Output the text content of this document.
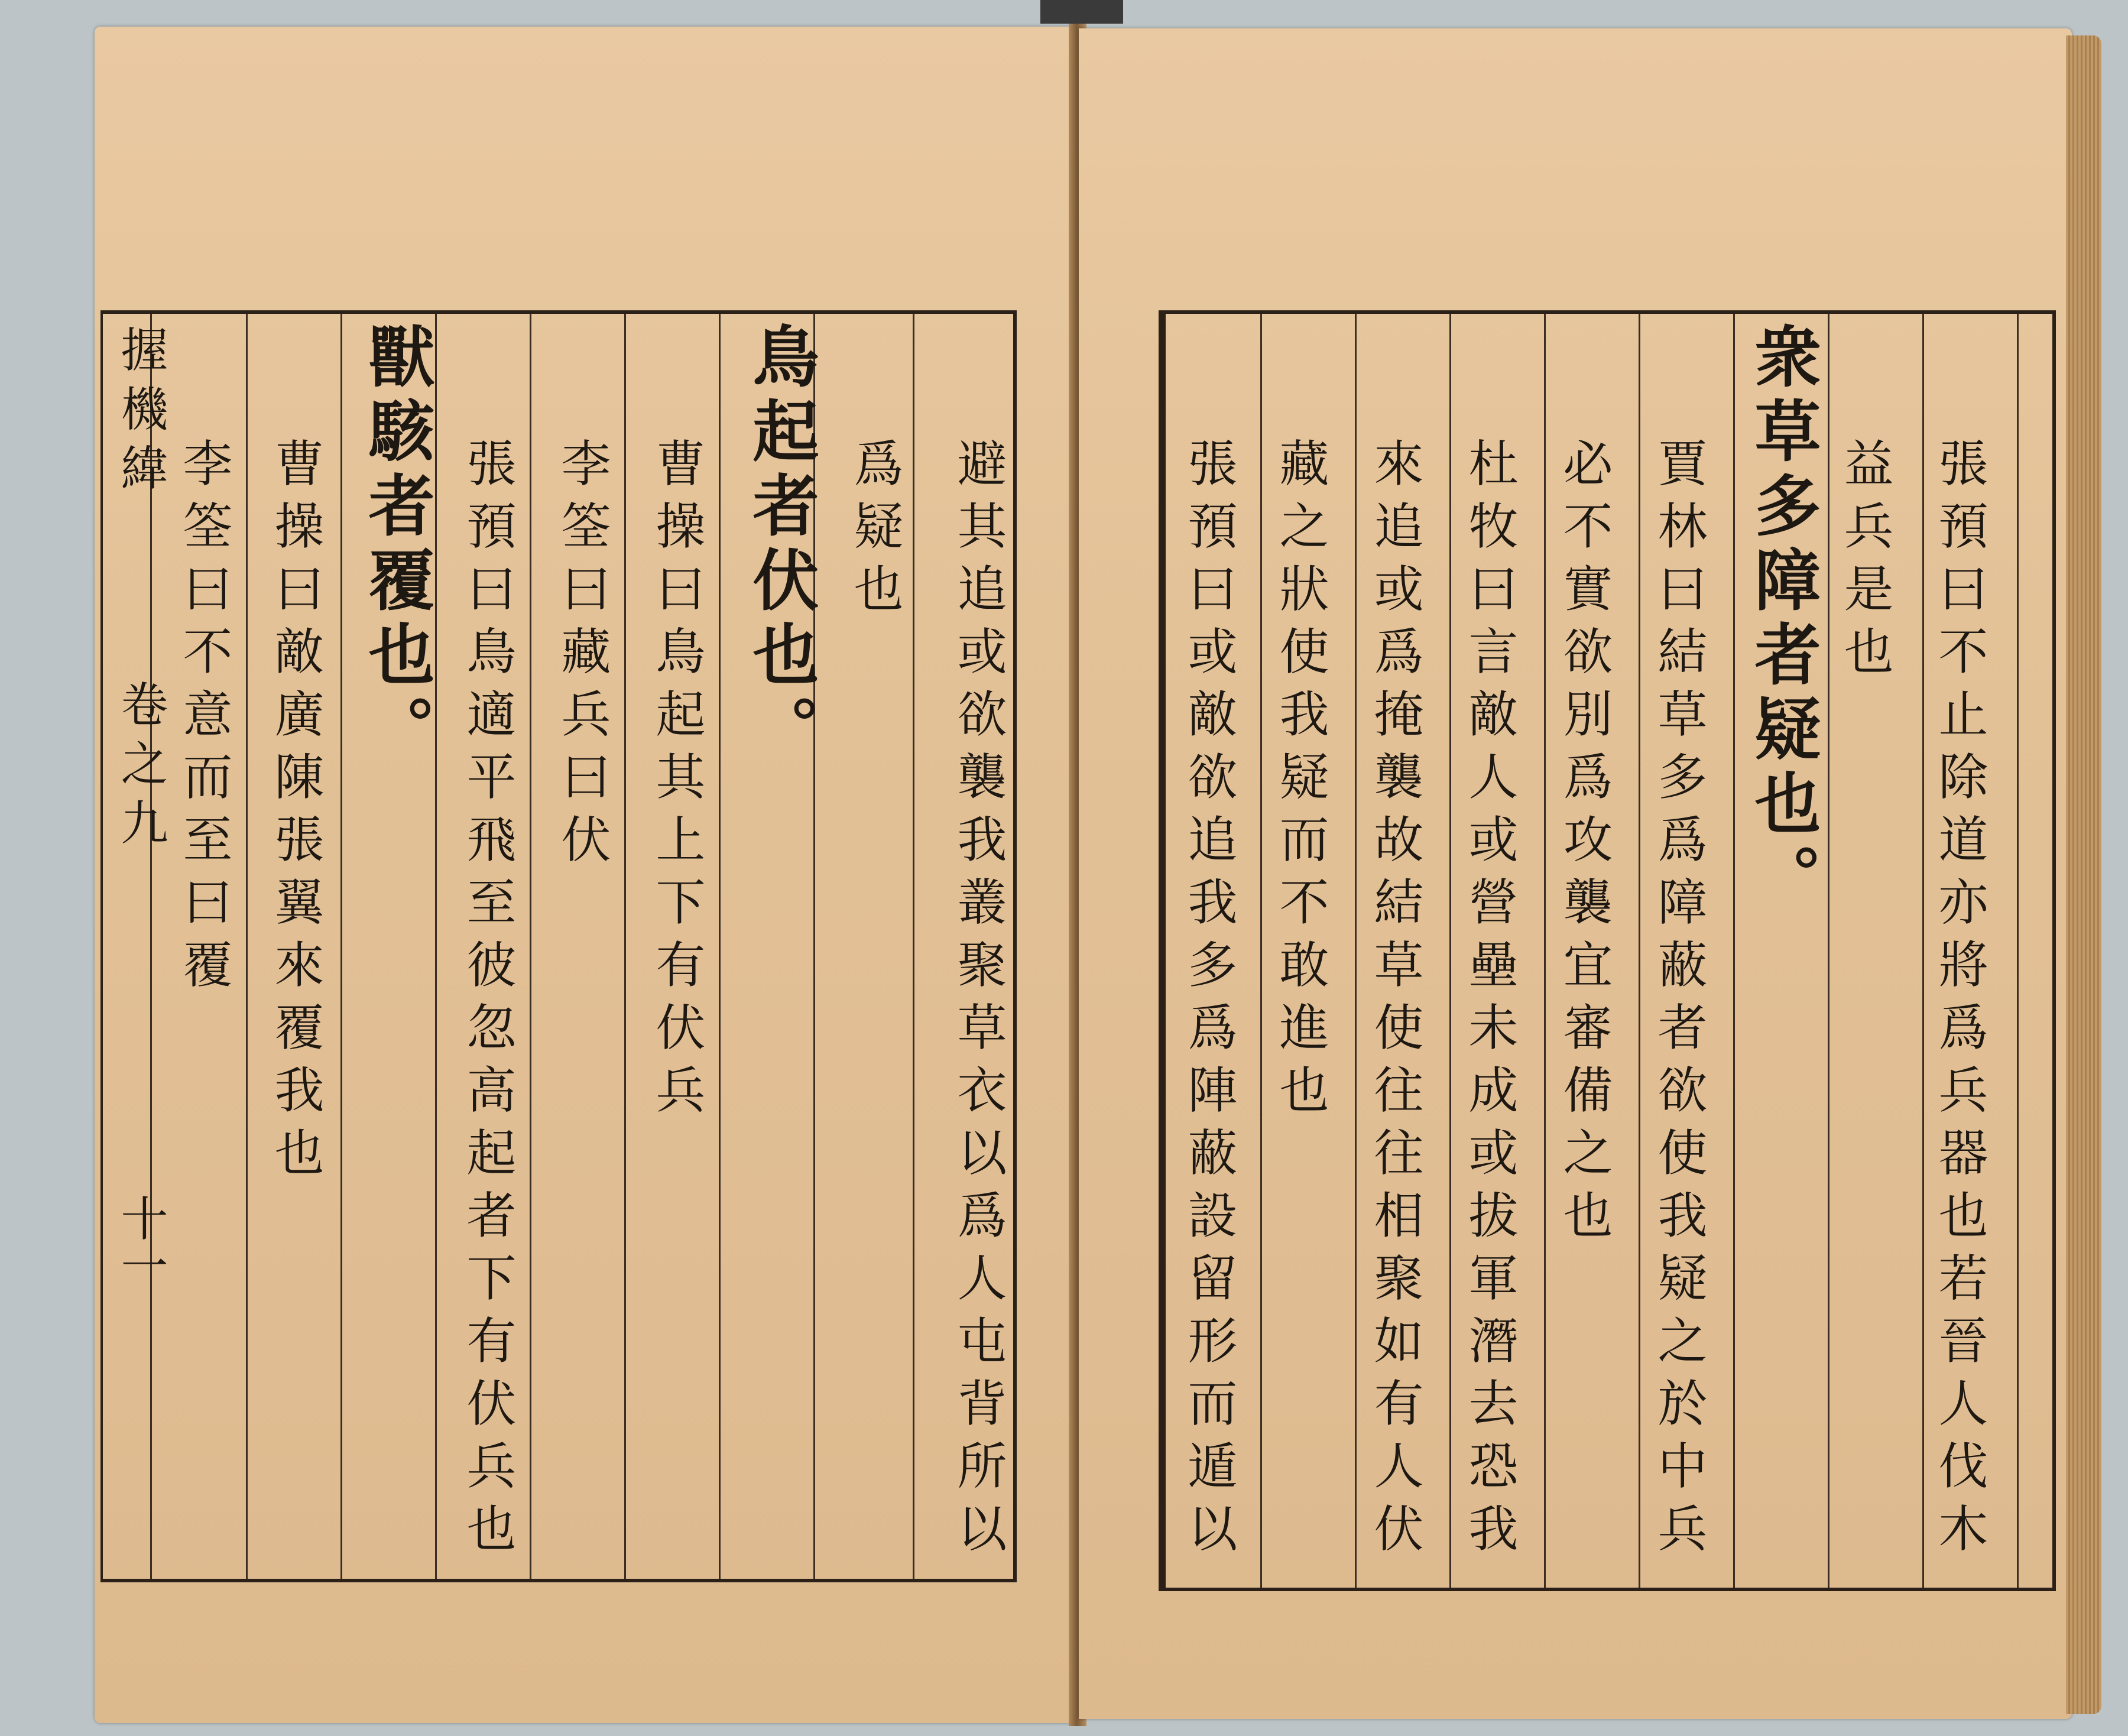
握機緯
卷之九
十一	避其追或欲襲我叢聚草衣以爲人屯背所以
爲疑也
鳥起者伏也。
曹操曰鳥起其上下有伏兵
李筌曰藏兵曰伏
張預曰鳥適平飛至彼忽高起者下有伏兵也
獸駭者覆也。
曹操曰敵廣陳張翼來覆我也
李筌曰不意而至曰覆	張預曰不止除道亦將爲兵器也若晉人伐木
益兵是也
衆草多障者疑也。
賈林曰結草多爲障蔽者欲使我疑之於中兵
必不實欲別爲攻襲宜審備之也
杜牧曰言敵人或營壘未成或拔軍潛去恐我
來追或爲掩襲故結草使往往相聚如有人伏
藏之狀使我疑而不敢進也
張預曰或敵欲追我多爲陣蔽設留形而遁以
